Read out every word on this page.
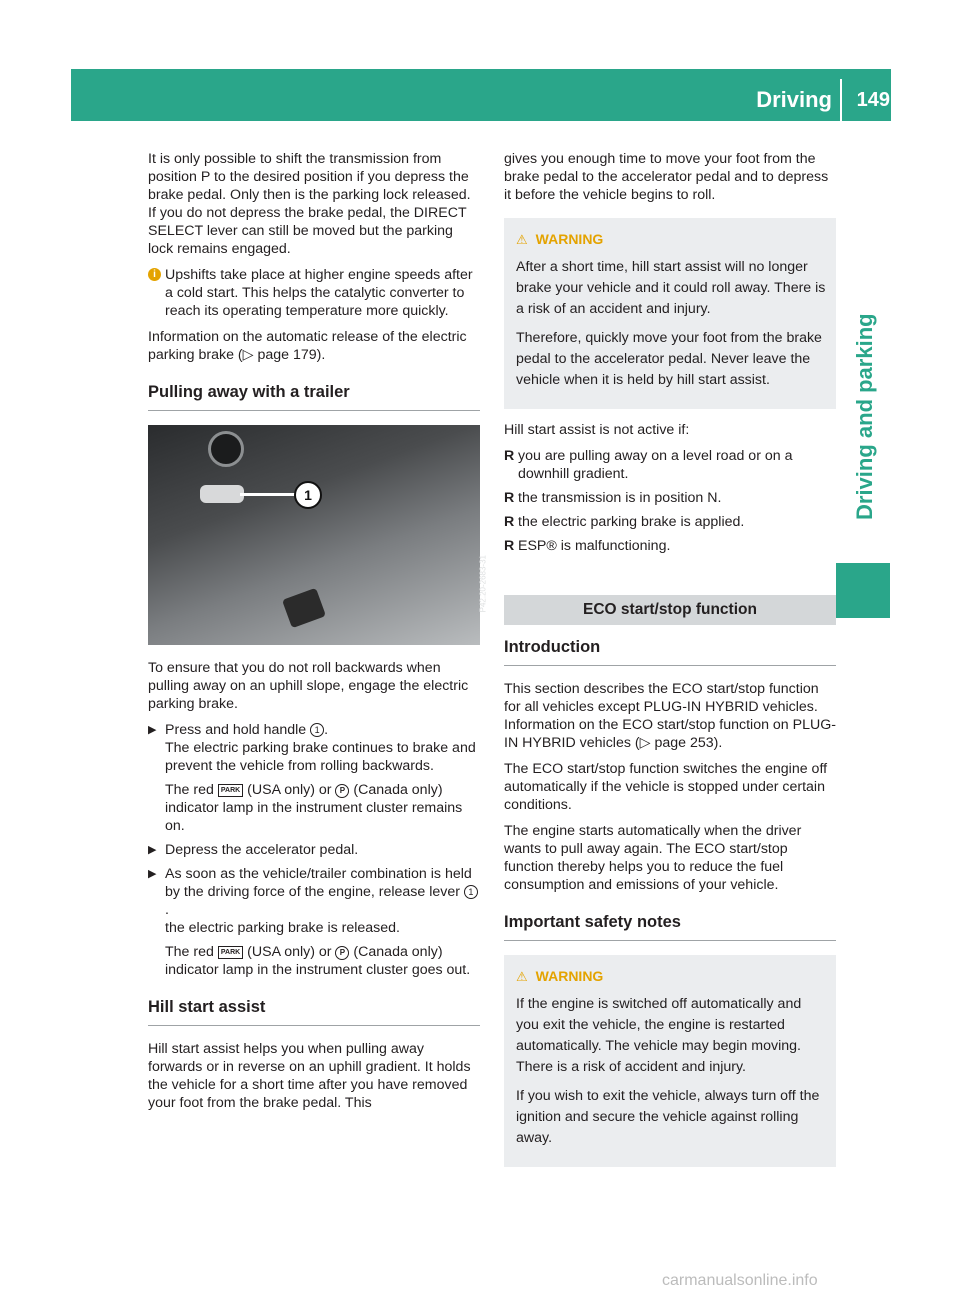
Driving 149
Driving and parking

It is only possible to shift the transmission from position P to the desired position if you depress the brake pedal. Only then is the parking lock released. If you do not depress the brake pedal, the DIRECT SELECT lever can still be moved but the parking lock remains engaged.

i Upshifts take place at higher engine speeds after a cold start. This helps the catalytic converter to reach its operating temperature more quickly.

Information on the automatic release of the electric parking brake (▷ page 179).

Pulling away with a trailer
1
P42.20-2683-31

To ensure that you do not roll backwards when pulling away on an uphill slope, engage the electric parking brake.

▶ Press and hold handle 1 .
The electric parking brake continues to brake and prevent the vehicle from rolling backwards.

The red PARK (USA only) or P (Canada only) indicator lamp in the instrument cluster remains on.

▶ Depress the accelerator pedal.

▶ As soon as the vehicle/trailer combination is held by the driving force of the engine, release lever 1.
the electric parking brake is released.

The red PARK (USA only) or P (Canada only) indicator lamp in the instrument cluster goes out.

Hill start assist

Hill start assist helps you when pulling away forwards or in reverse on an uphill gradient. It holds the vehicle for a short time after you have removed your foot from the brake pedal. This

gives you enough time to move your foot from the brake pedal to the accelerator pedal and to depress it before the vehicle begins to roll.

⚠ WARNING

After a short time, hill start assist will no longer brake your vehicle and it could roll away. There is a risk of an accident and injury.

Therefore, quickly move your foot from the brake pedal to the accelerator pedal. Never leave the vehicle when it is held by hill start assist.

Hill start assist is not active if:

R you are pulling away on a level road or on a downhill gradient.
R the transmission is in position N.
R the electric parking brake is applied.
R ESP® is malfunctioning.
ECO start/stop function
Introduction

This section describes the ECO start/stop function for all vehicles except PLUG-IN HYBRID vehicles. Information on the ECO start/stop function on PLUG-IN HYBRID vehicles (▷ page 253).

The ECO start/stop function switches the engine off automatically if the vehicle is stopped under certain conditions.

The engine starts automatically when the driver wants to pull away again. The ECO start/stop function thereby helps you to reduce the fuel consumption and emissions of your vehicle.

Important safety notes
⚠ WARNING

If the engine is switched off automatically and you exit the vehicle, the engine is restarted automatically. The vehicle may begin moving. There is a risk of accident and injury.

If you wish to exit the vehicle, always turn off the ignition and secure the vehicle against rolling away.

carmanualsonline.info
